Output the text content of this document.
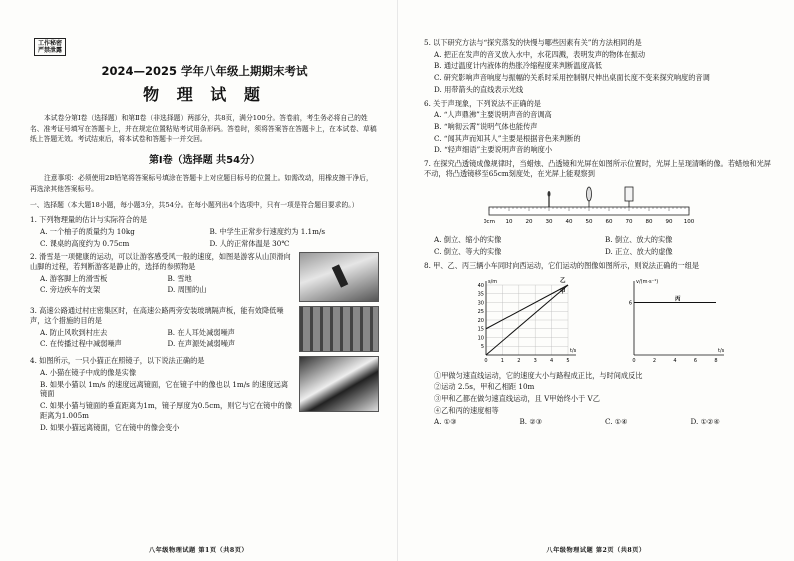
工作秘密
严禁泄露
2024—2025 学年八年级上期期末考试
物 理 试 题
本试卷分第Ⅰ卷（选择题）和第Ⅱ卷（非选择题）两部分，共8页，满分100分。答卷前，考生务必将自己的姓名、准考证号填写在答题卡上，并在规定位置粘贴考试用条形码。答卷时，须将答案答在答题卡上，在本试卷、草稿纸上答题无效。考试结束后，将本试卷和答题卡一并交回。
第Ⅰ卷（选择题 共54分）
注意事项：必须使用2B铅笔将答案标号填涂在答题卡上对应题目标号的位置上。如需改动，用橡皮擦干净后，再选涂其他答案标号。
一、选择题（本大题18小题，每小题3分，共54分。在每小题列出4个选项中，只有一项是符合题目要求的。）
1. 下列物理量的估计与实际符合的是
A. 一个柚子的质量约为 10kg	B. 中学生正常步行速度约为 1.1m/s
C. 课桌的高度约为 0.75cm	D. 人的正常体温是 30℃
2. 滑雪是一项健康的运动，可以让游客感受风一般的速度，如图是游客从山顶滑向山脚的过程，若判断游客是静止的，选择的参照物是
A. 游客脚上的滑雪板	B. 雪地
C. 旁边疾车的支架	D. 周围的山
3. 高速公路通过村庄密集区时，在高速公路两旁安装玻璃隔声板，能有效降低噪声，这个措施的目的是
A. 防止风吹到村庄去	B. 在人耳处减弱噪声
C. 在传播过程中减弱噪声	D. 在声源处减弱噪声
4. 如图所示，一只小猫正在照镜子，以下说法正确的是
A. 小猫在镜子中成的像是实像
B. 如果小猫以 1m/s 的速度远离镜面，它在镜子中的像也以 1m/s 的速度远离镜面
C. 如果小猫与镜面的垂直距离为1m，镜子厚度为0.5cm，则它与它在镜中的像距离为1.005m
D. 如果小猫远离镜面，它在镜中的像会变小
八年级物理试题 第1页（共8页）
5. 以下研究方法与“探究蒸发的快慢与哪些因素有关”的方法相同的是
A. 把正在发声的音叉放入水中，水花四溅，表明发声的物体在振动
B. 通过温度计内液体的热胀冷缩程度来判断温度高低
C. 研究影响声音响度与振幅的关系时采用控制钢尺伸出桌面长度不变来探究响度的音调
D. 用带箭头的直线表示光线
6. 关于声现象，下列说法不正确的是
A. “人声鼎沸”主要说明声音的音调高
B. “响彻云霄”说明气体也能传声
C. “闻其声而知其人”主要是根据音色来判断的
D. “轻声细语”主要说明声音的响度小
7. 在探究凸透镜成像规律时，当蜡烛、凸透镜和光屏在如图所示位置时，光屏上呈现清晰的像。若蜡烛和光屏不动，将凸透镜移至65cm刻度处，在光屏上能观察到
0cm 10 20 30 40 50 60 70 80 90 100
A. 倒立、缩小的实像	B. 倒立、放大的实像
C. 倒立、等大的实像	D. 正立、放大的虚像
8. 甲、乙、丙三辆小车同时向西运动，它们运动的图像如图所示，则说法正确的一组是
0	1	2	3	4	5
5
10
15
20
25
30
35
40
s/m
t/s
甲
乙
0	2	4	6	8
6
v/(m·s⁻¹)
t/s
丙
①甲做匀速直线运动，它的速度大小与路程成正比，与时间成反比
②运动 2.5s，甲和乙相距 10m
③甲和乙都在做匀速直线运动，且 V甲始终小于 V乙
④乙和丙的速度相等
A. ①③	B. ②③	C. ①④	D. ①②④
八年级物理试题 第2页（共8页）
